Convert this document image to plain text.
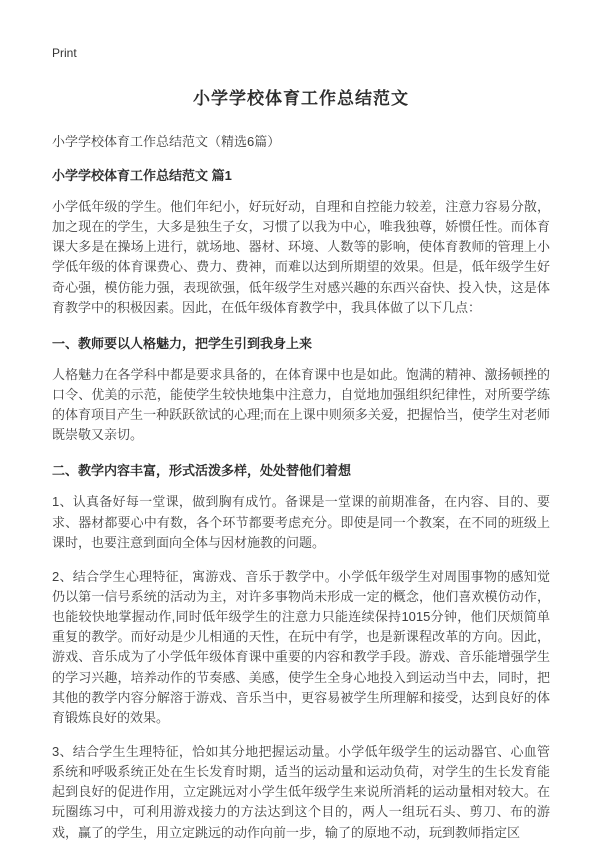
Print
小学学校体育工作总结范文

小学学校体育工作总结范文（精选6篇）

小学学校体育工作总结范文 篇1

小学低年级的学生。他们年纪小，好玩好动，自理和自控能力较差，注意力容易分散，加之现在的学生，大多是独生子女，习惯了以我为中心，唯我独尊，娇惯任性。而体育课大多是在操场上进行，就场地、器材、环境、人数等的影响，使体育教师的管理上小学低年级的体育课费心、费力、费神，而难以达到所期望的效果。但是，低年级学生好奇心强，模仿能力强，表现欲强，低年级学生对感兴趣的东西兴奋快、投入快，这是体育教学中的积极因素。因此，在低年级体育教学中，我具体做了以下几点：

一、教师要以人格魅力，把学生引到我身上来

人格魅力在各学科中都是要求具备的，在体育课中也是如此。饱满的精神、激扬顿挫的口令、优美的示范，能使学生较快地集中注意力，自觉地加强组织纪律性，对所要学练的体育项目产生一种跃跃欲试的心理;而在上课中则须多关爱，把握恰当，使学生对老师既崇敬又亲切。

二、教学内容丰富，形式活泼多样，处处替他们着想

1、认真备好每一堂课，做到胸有成竹。备课是一堂课的前期准备，在内容、目的、要求、器材都要心中有数，各个环节都要考虑充分。即使是同一个教案，在不同的班级上课时，也要注意到面向全体与因材施教的问题。

2、结合学生心理特征，寓游戏、音乐于教学中。小学低年级学生对周围事物的感知觉仍以第一信号系统的活动为主，对许多事物尚未形成一定的概念，他们喜欢模仿动作，也能较快地掌握动作,同时低年级学生的注意力只能连续保持1015分钟，他们厌烦简单重复的教学。而好动是少儿相通的天性，在玩中有学，也是新课程改革的方向。因此，游戏、音乐成为了小学低年级体育课中重要的内容和教学手段。游戏、音乐能增强学生的学习兴趣，培养动作的节奏感、美感，使学生全身心地投入到运动当中去，同时，把其他的教学内容分解溶于游戏、音乐当中，更容易被学生所理解和接受，达到良好的体育锻炼良好的效果。

3、结合学生生理特征，恰如其分地把握运动量。小学低年级学生的运动器官、心血管系统和呼吸系统正处在生长发育时期，适当的运动量和运动负荷，对学生的生长发育能起到良好的促进作用，立定跳远对小学生低年级学生来说所消耗的运动量相对较大。在玩圈练习中，可利用游戏接力的方法达到这个目的，两人一组玩石头、剪刀、布的游戏，赢了的学生，用立定跳远的动作向前一步，输了的原地不动，玩到教师指定区
